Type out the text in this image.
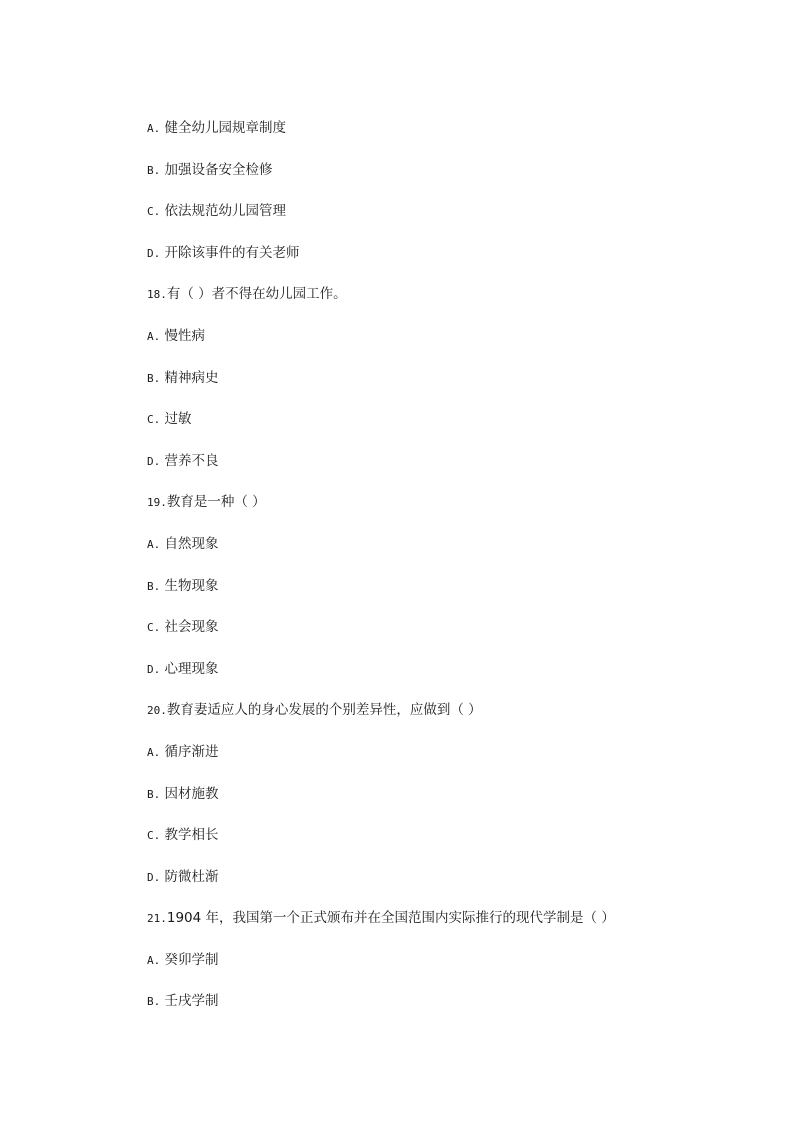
A. 健全幼儿园规章制度
B. 加强设备安全检修
C. 依法规范幼儿园管理
D. 开除该事件的有关老师
18.有（ ）者不得在幼儿园工作。
A. 慢性病
B. 精神病史
C. 过敏
D. 营养不良
19.教育是一种（ ）
A. 自然现象
B. 生物现象
C. 社会现象
D. 心理现象
20.教育妻适应人的身心发展的个别差异性，应做到（ ）
A. 循序渐进
B. 因材施教
C. 教学相长
D. 防微杜渐
21.1904 年，我国第一个正式颁布并在全国范围内实际推行的现代学制是（ ）
A. 癸卯学制
B. 壬戌学制
